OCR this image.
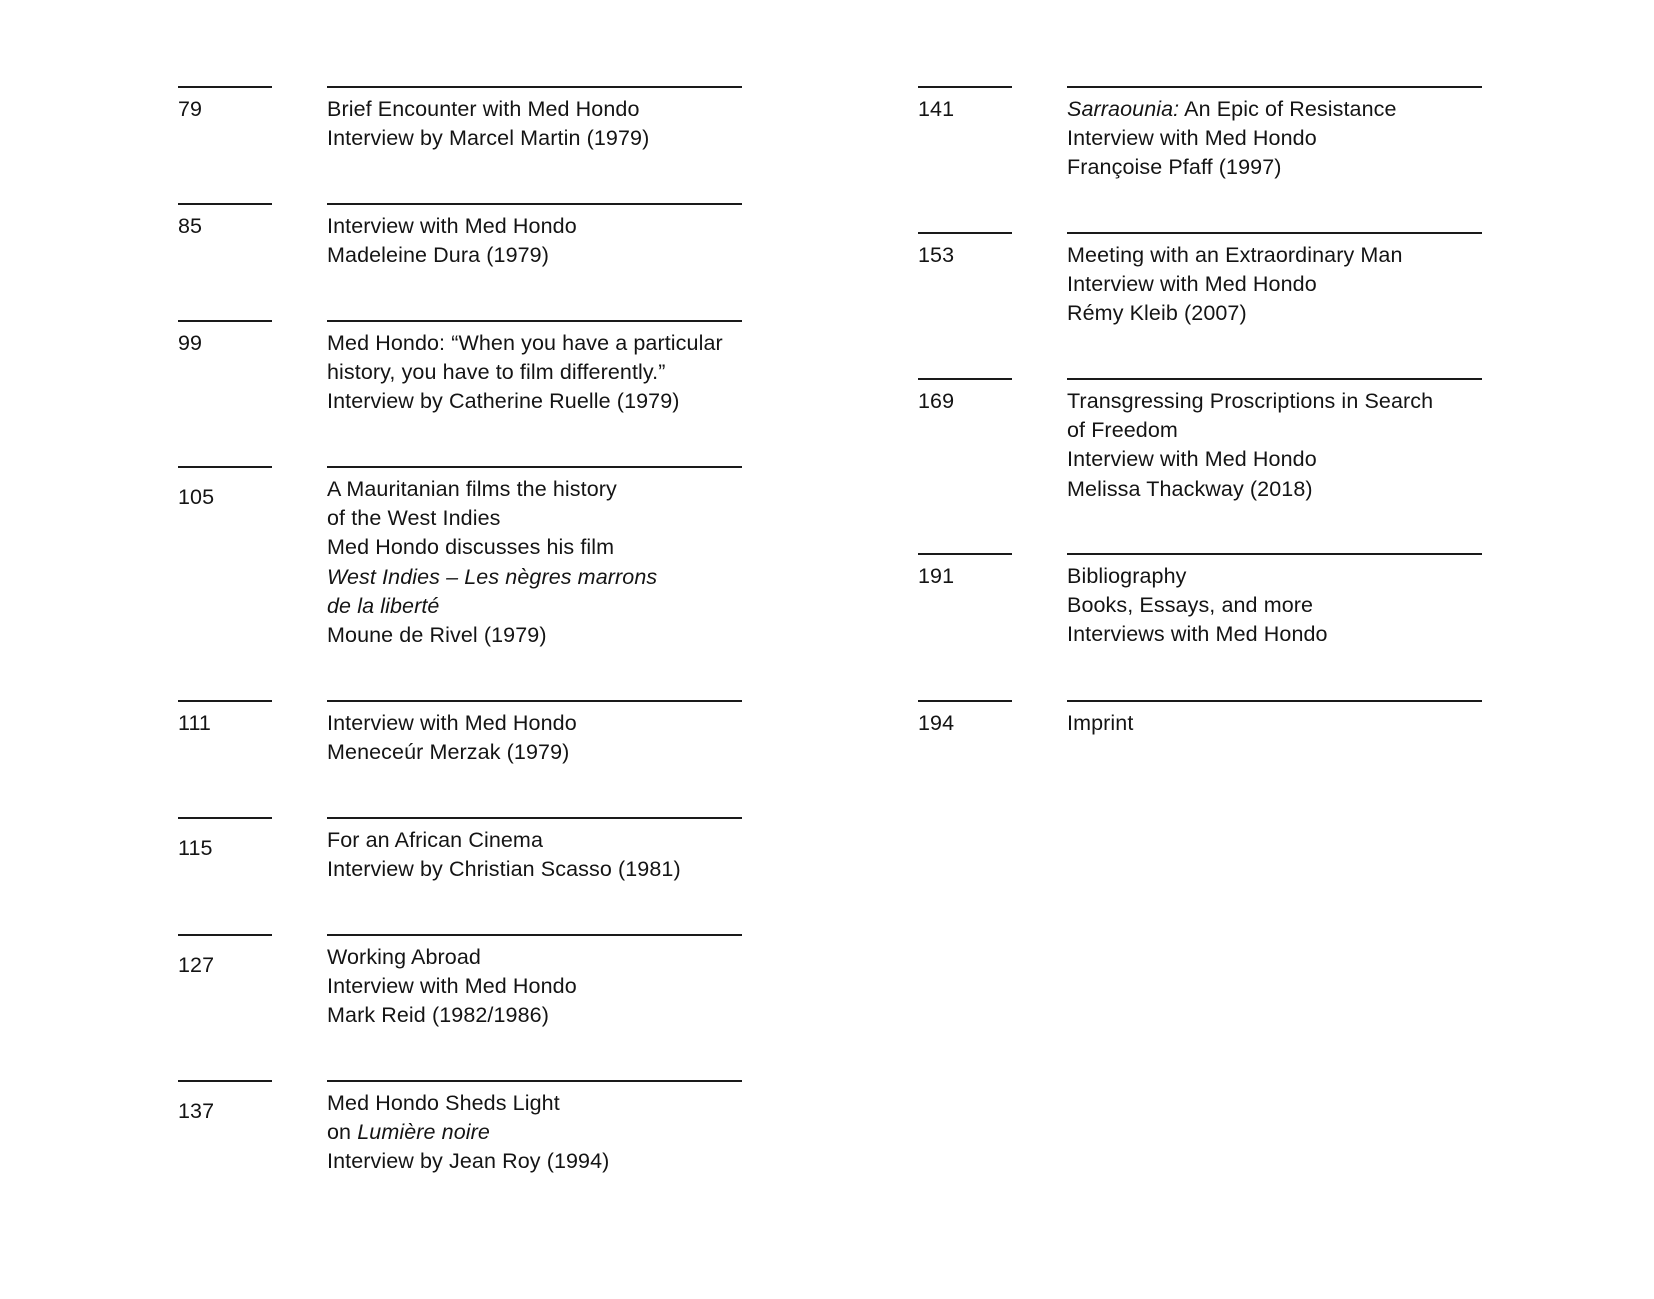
79	Brief Encounter with Med Hondo
Interview by Marcel Martin (1979)
85	Interview with Med Hondo
Madeleine Dura (1979)
99	Med Hondo: “When you have a particular
history, you have to film differently.”
Interview by Catherine Ruelle (1979)
105	A Mauritanian films the history
of the West Indies
Med Hondo discusses his film
West Indies – Les nègres marrons
de la liberté
Moune de Rivel (1979)
111	Interview with Med Hondo
Meneceúr Merzak (1979)
115	For an African Cinema
Interview by Christian Scasso (1981)
127	Working Abroad
Interview with Med Hondo
Mark Reid (1982/1986)
137	Med Hondo Sheds Light
on Lumière noire
Interview by Jean Roy (1994)
141	Sarraounia: An Epic of Resistance
Interview with Med Hondo
Françoise Pfaff (1997)
153	Meeting with an Extraordinary Man
Interview with Med Hondo
Rémy Kleib (2007)
169	Transgressing Proscriptions in Search
of Freedom
Interview with Med Hondo
Melissa Thackway (2018)
191	Bibliography
Books, Essays, and more
Interviews with Med Hondo
194	Imprint
